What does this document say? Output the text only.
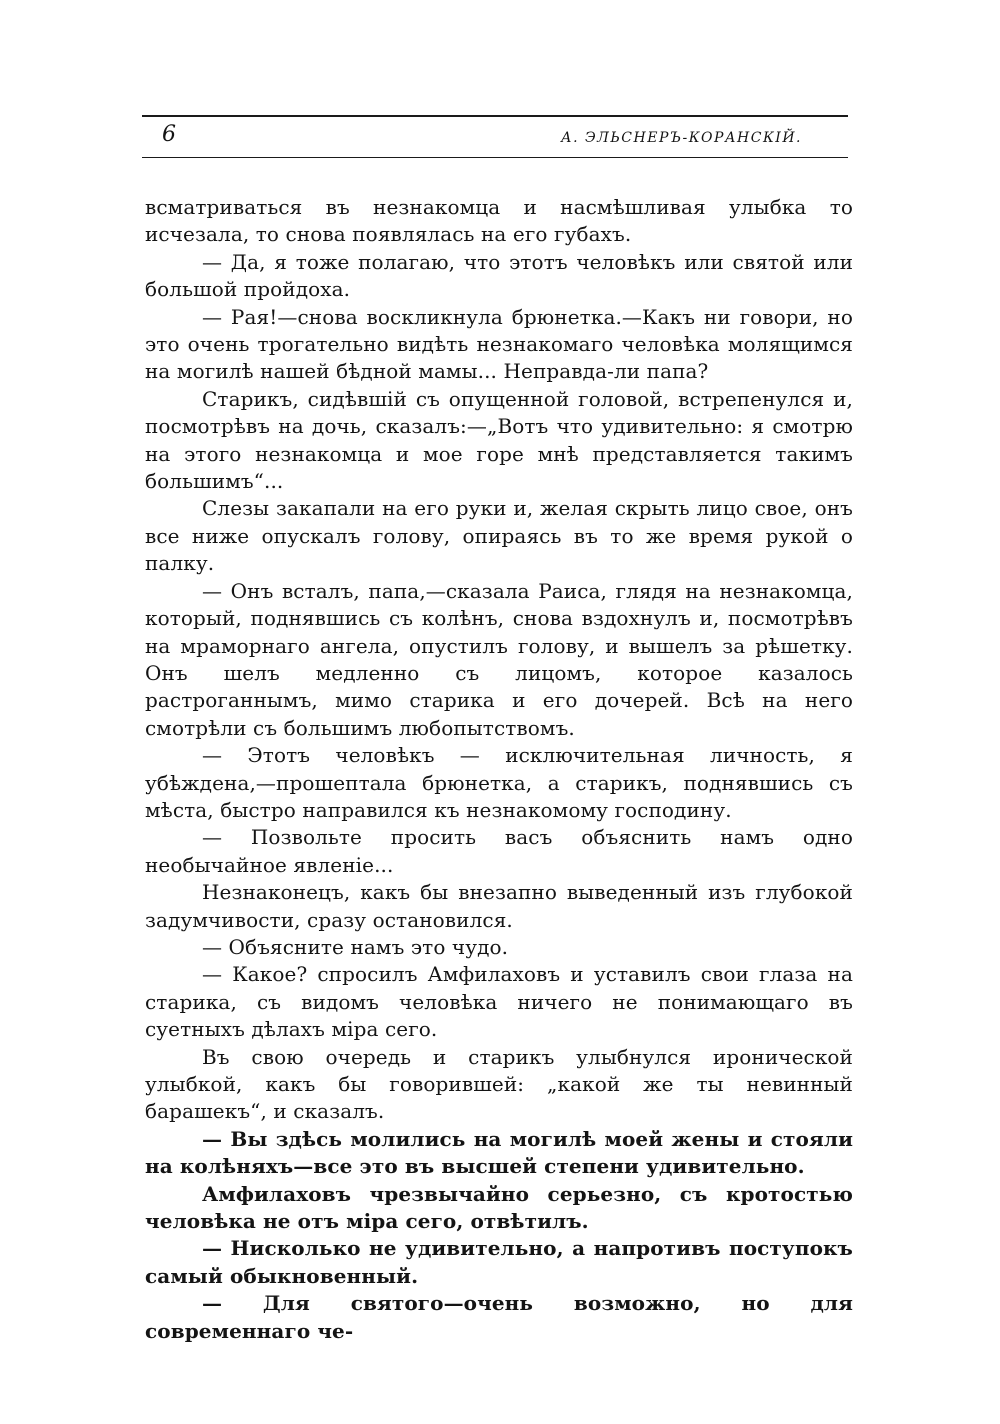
6	А. ЭЛЬСНЕРЪ-КОРАНСКІЙ.

всматриваться въ незнакомца и насмѣшливая улыбка то исчезала, то снова появлялась на его губахъ.

— Да, я тоже полагаю, что этотъ человѣкъ или святой или большой пройдоха.

— Рая!—снова воскликнула брюнетка.—Какъ ни говори, но это очень трогательно видѣть незнакомаго человѣка молящимся на могилѣ нашей бѣдной мамы... Неправда-ли папа?

Старикъ, сидѣвшій съ опущенной головой, встрепенулся и, посмотрѣвъ на дочь, сказалъ:—„Вотъ что удивительно: я смотрю на этого незнакомца и мое горе мнѣ представляется такимъ большимъ“...

Слезы закапали на его руки и, желая скрыть лицо свое, онъ все ниже опускалъ голову, опираясь въ то же время рукой о палку.

— Онъ всталъ, папа,—сказала Раиса, глядя на незнакомца, который, поднявшись съ колѣнъ, снова вздохнулъ и, посмотрѣвъ на мраморнаго ангела, опустилъ голову, и вышелъ за рѣшетку. Онъ шелъ медленно съ лицомъ, которое казалось растроганнымъ, мимо старика и его дочерей. Всѣ на него смотрѣли съ большимъ любопытствомъ.

— Этотъ человѣкъ — исключительная личность, я убѣждена,—прошептала брюнетка, а старикъ, поднявшись съ мѣста, быстро направился къ незнакомому господину.

— Позвольте просить васъ объяснить намъ одно необычайное явленіе...

Незнаконецъ, какъ бы внезапно выведенный изъ глубокой задумчивости, сразу остановился.

— Объясните намъ это чудо.

— Какое? спросилъ Амфилаховъ и уставилъ свои глаза на старика, съ видомъ человѣка ничего не понимающаго въ суетныхъ дѣлахъ міра сего.

Въ свою очередь и старикъ улыбнулся иронической улыбкой, какъ бы говорившей: „какой же ты невинный барашекъ“, и сказалъ.

— Вы здѣсь молились на могилѣ моей жены и стояли на колѣняхъ—все это въ высшей степени удивительно.

Амфилаховъ чрезвычайно серьезно, съ кротостью человѣка не отъ міра сего, отвѣтилъ.

— Нисколько не удивительно, а напротивъ поступокъ самый обыкновенный.

— Для святого—очень возможно, но для современнаго че-
